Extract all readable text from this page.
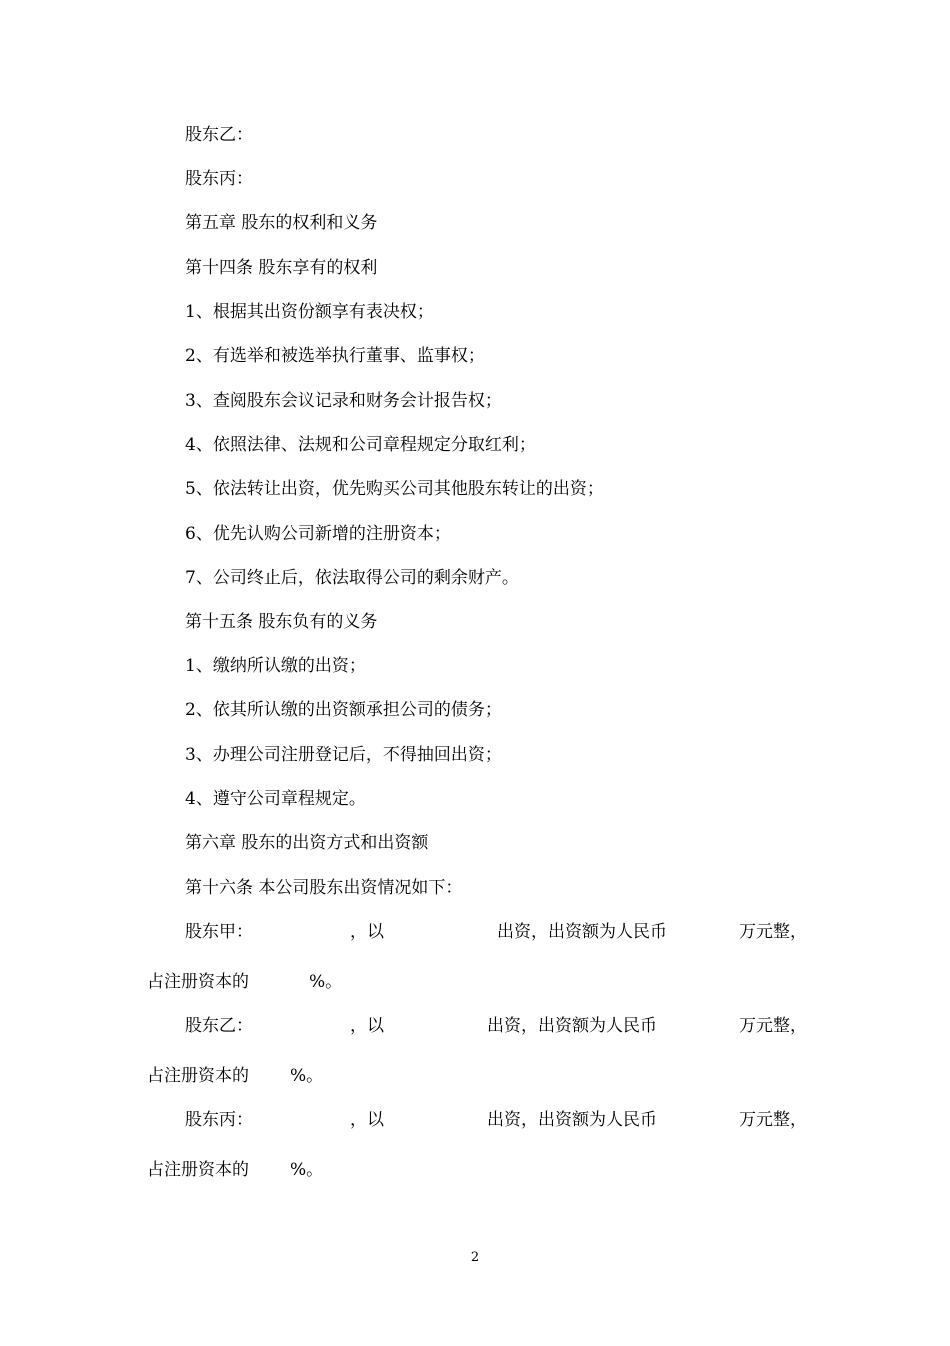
股东乙：
股东丙：
第五章 股东的权利和义务
第十四条 股东享有的权利
1、根据其出资份额享有表决权；
2、有选举和被选举执行董事、监事权；
3、查阅股东会议记录和财务会计报告权；
4、依照法律、法规和公司章程规定分取红利；
5、依法转让出资，优先购买公司其他股东转让的出资；
6、优先认购公司新增的注册资本；
7、公司终止后，依法取得公司的剩余财产。
第十五条 股东负有的义务
1、缴纳所认缴的出资；
2、依其所认缴的出资额承担公司的债务；
3、办理公司注册登记后，不得抽回出资；
4、遵守公司章程规定。
第六章 股东的出资方式和出资额
第十六条 本公司股东出资情况如下：
股东甲：	，以	出资，出资额为人民币	万元整，
占注册资本的	%。
股东乙：	，以	出资，出资额为人民币	万元整，
占注册资本的 %。
股东丙：	，以	出资，出资额为人民币	万元整，
占注册资本的 %。
2
